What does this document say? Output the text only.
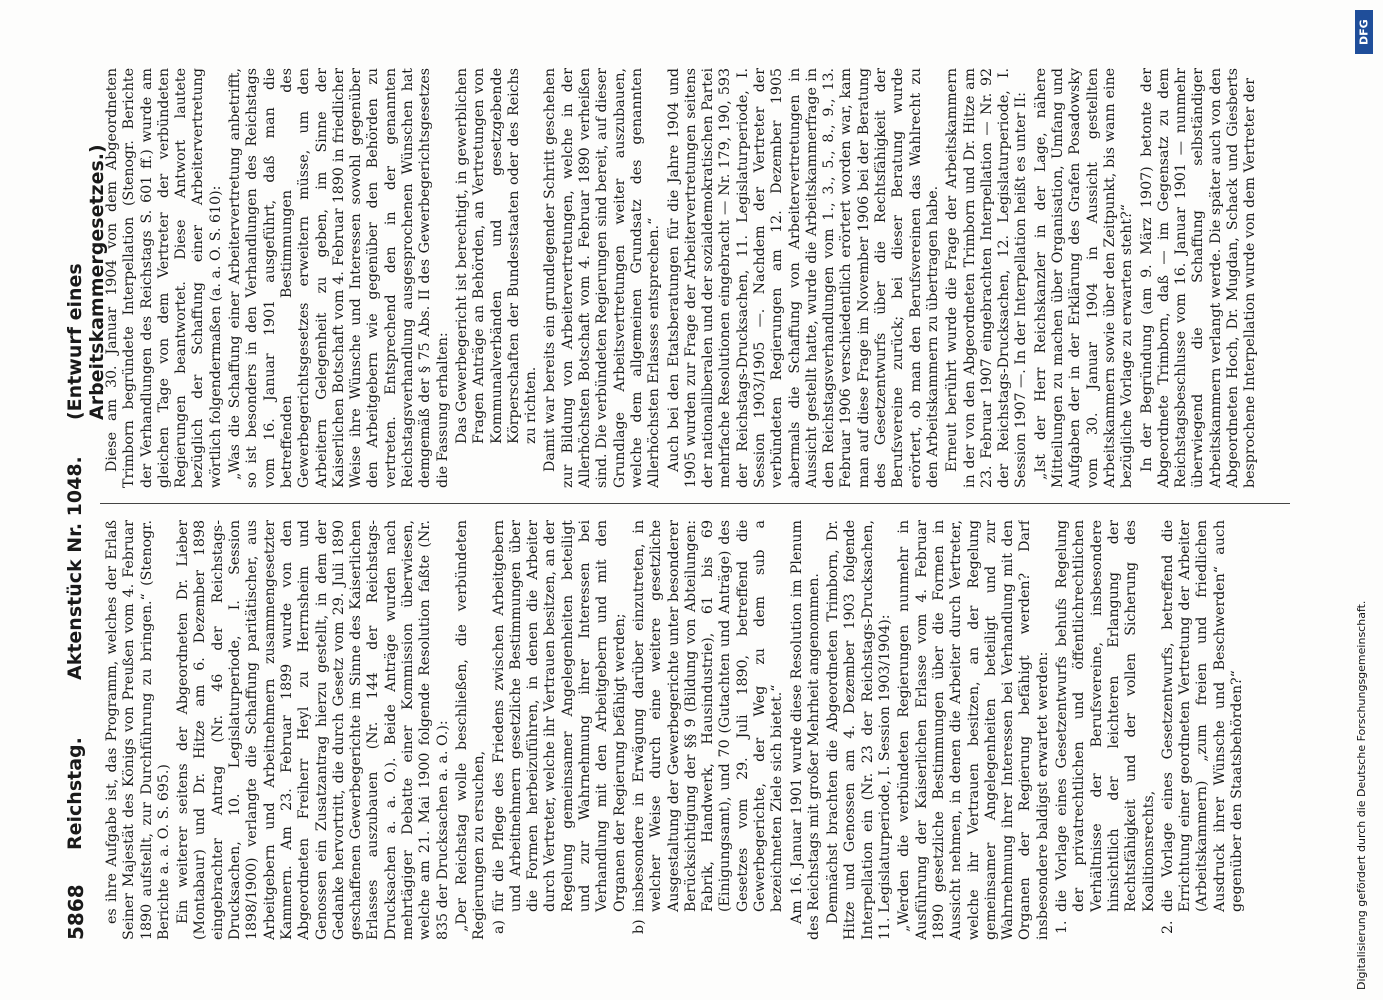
5868
Reichstag.
Aktenstück Nr. 1048.
(Entwurf eines Arbeitskammergesetzes.)

es ihre Aufgabe ist, das Programm, welches der Erlaß Seiner Majestät des Königs von Preußen vom 4. Februar 1890 aufstellt, zur Durchführung zu bringen.“ (Stenogr. Berichte a. a. O. S. 695.) Ein weiterer seitens der Abgeordneten Dr. Lieber (Montabaur) und Dr. Hitze am 6. Dezember 1898 eingebrachter Antrag (Nr. 46 der Reichstags-Drucksachen, 10. Legislaturperiode, I. Session 1898/1900) verlangte die Schaffung paritätischer, aus Arbeitgebern und Arbeitnehmern zusammengesetzter Kammern. Am 23. Februar 1899 wurde von den Abgeordneten Freiherr Heyl zu Herrnsheim und Genossen ein Zusatzantrag hierzu gestellt, in dem der Gedanke hervortritt, die durch Gesetz vom 29. Juli 1890 geschaffenen Gewerbegerichte im Sinne des Kaiserlichen Erlasses auszubauen (Nr. 144 der Reichstags-Drucksachen a. a. O.). Beide Anträge wurden nach mehrtägiger Debatte einer Kommission überwiesen, welche am 21. Mai 1900 folgende Resolution faßte (Nr. 835 der Drucksachen a. a. O.): „Der Reichstag wolle beschließen, die verbündeten Regierungen zu ersuchen, a)
für die Pflege des Friedens zwischen Arbeitgebern und Arbeitnehmern gesetzliche Bestimmungen über die Formen herbeizuführen, in denen die Arbeiter durch Vertreter, welche ihr Vertrauen besitzen, an der Regelung gemeinsamer Angelegenheiten beteiligt und zur Wahrnehmung ihrer Interessen bei Verhandlung mit den Arbeitgebern und mit den Organen der Regierung befähigt werden;

b)
insbesondere in Erwägung darüber einzutreten, in welcher Weise durch eine weitere gesetzliche Ausgestaltung der Gewerbegerichte unter besonderer Berücksichtigung der §§ 9 (Bildung von Abteilungen: Fabrik, Handwerk, Hausindustrie), 61 bis 69 (Einigungsamt), und 70 (Gutachten und Anträge) des Gesetzes vom 29. Juli 1890, betreffend die Gewerbegerichte, der Weg zu dem sub a bezeichneten Ziele sich bietet.“ Am 16. Januar 1901 wurde diese Resolution im Plenum des Reichstags mit großer Mehrheit angenommen. Demnächst brachten die Abgeordneten Trimborn, Dr. Hitze und Genossen am 4. Dezember 1903 folgende Interpellation ein (Nr. 23 der Reichstags-Drucksachen, 11. Legislaturperiode, I. Session 1903/1904): „Werden die verbündeten Regierungen nunmehr in Ausführung der Kaiserlichen Erlasse vom 4. Februar 1890 gesetzliche Bestimmungen über die Formen in Aussicht nehmen, in denen die Arbeiter durch Vertreter, welche ihr Vertrauen besitzen, an der Regelung gemeinsamer Angelegenheiten beteiligt und zur Wahrnehmung ihrer Interessen bei Verhandlung mit den Organen der Regierung befähigt werden? Darf insbesondere baldigst erwartet werden: 1.
die Vorlage eines Gesetzentwurfs behufs Regelung der privatrechtlichen und öffentlichrechtlichen Verhältnisse der Berufsvereine, insbesondere hinsichtlich der leichteren Erlangung der Rechtsfähigkeit und der vollen Sicherung des Koalitionsrechts,

2.
die Vorlage eines Gesetzentwurfs, betreffend die Errichtung einer geordneten Vertretung der Arbeiter (Arbeitskammern) „zum freien und friedlichen Ausdruck ihrer Wünsche und Beschwerden“ auch gegenüber den Staatsbehörden?“

Diese am 30. Januar 1904 von dem Abgeordneten Trimborn begründete Interpellation (Stenogr. Berichte der Verhandlungen des Reichstags S. 601 ff.) wurde am gleichen Tage von dem Vertreter der verbündeten Regierungen beantwortet. Diese Antwort lautete bezüglich der Schaffung einer Arbeitervertretung wörtlich folgendermaßen (a. a. O. S. 610): „Was die Schaffung einer Arbeitervertretung anbetrifft, so ist besonders in den Verhandlungen des Reichstags vom 16. Januar 1901 ausgeführt, daß man die betreffenden Bestimmungen des Gewerbegerichtsgesetzes erweitern müsse, um den Arbeitern Gelegenheit zu geben, im Sinne der Kaiserlichen Botschaft vom 4. Februar 1890 in friedlicher Weise ihre Wünsche und Interessen sowohl gegenüber den Arbeitgebern wie gegenüber den Behörden zu vertreten. Entsprechend den in der genannten Reichstagsverhandlung ausgesprochenen Wünschen hat demgemäß der § 75 Abs. II des Gewerbegerichtsgesetzes die Fassung erhalten: Das Gewerbegericht ist berechtigt, in gewerblichen Fragen Anträge an Behörden, an Vertretungen von Kommunalverbänden und gesetzgebende Körperschaften der Bundesstaaten oder des Reichs zu richten. Damit war bereits ein grundlegender Schritt geschehen zur Bildung von Arbeitervertretungen, welche in der Allerhöchsten Botschaft vom 4. Februar 1890 verheißen sind. Die verbündeten Regierungen sind bereit, auf dieser Grundlage Arbeitsvertretungen weiter auszubauen, welche dem allgemeinen Grundsatz des genannten Allerhöchsten Erlasses entsprechen.“ Auch bei den Etatsberatungen für die Jahre 1904 und 1905 wurden zur Frage der Arbeitervertretungen seitens der nationalliberalen und der sozialdemokratischen Partei mehrfache Resolutionen eingebracht — Nr. 179, 190, 593 der Reichstags-Drucksachen, 11. Legislaturperiode, I. Session 1903/1905 —. Nachdem der Vertreter der verbündeten Regierungen am 12. Dezember 1905 abermals die Schaffung von Arbeitervertretungen in Aussicht gestellt hatte, wurde die Arbeitskammerfrage in den Reichstagsverhandlungen vom 1., 3., 5., 8., 9., 13. Februar 1906 verschiedentlich erörtert worden war, kam man auf diese Frage im November 1906 bei der Beratung des Gesetzentwurfs über die Rechtsfähigkeit der Berufsvereine zurück; bei dieser Beratung wurde erörtert, ob man den Berufsvereinen das Wahlrecht zu den Arbeitskammern zu übertragen habe. Erneut berührt wurde die Frage der Arbeitskammern in der von den Abgeordneten Trimborn und Dr. Hitze am 23. Februar 1907 eingebrachten Interpellation — Nr. 92 der Reichstags-Drucksachen, 12. Legislaturperiode, I. Session 1907 —. In der Interpellation heißt es unter II: „Ist der Herr Reichskanzler in der Lage, nähere Mitteilungen zu machen über Organisation, Umfang und Aufgaben der in der Erklärung des Grafen Posadowsky vom 30. Januar 1904 in Aussicht gestellten Arbeitskammern sowie über den Zeitpunkt, bis wann eine bezügliche Vorlage zu erwarten steht?“ In der Begründung (am 9. März 1907) betonte der Abgeordnete Trimborn, daß — im Gegensatz zu dem Reichstagsbeschlusse vom 16. Januar 1901 — nunmehr überwiegend die Schaffung selbständiger Arbeitskammern verlangt werde. Die später auch von den Abgeordneten Hoch, Dr. Mugdan, Schack und Giesberts besprochene Interpellation wurde von dem Vertreter der

DFG
Digitalisierung gefördert durch die Deutsche Forschungsgemeinschaft.
